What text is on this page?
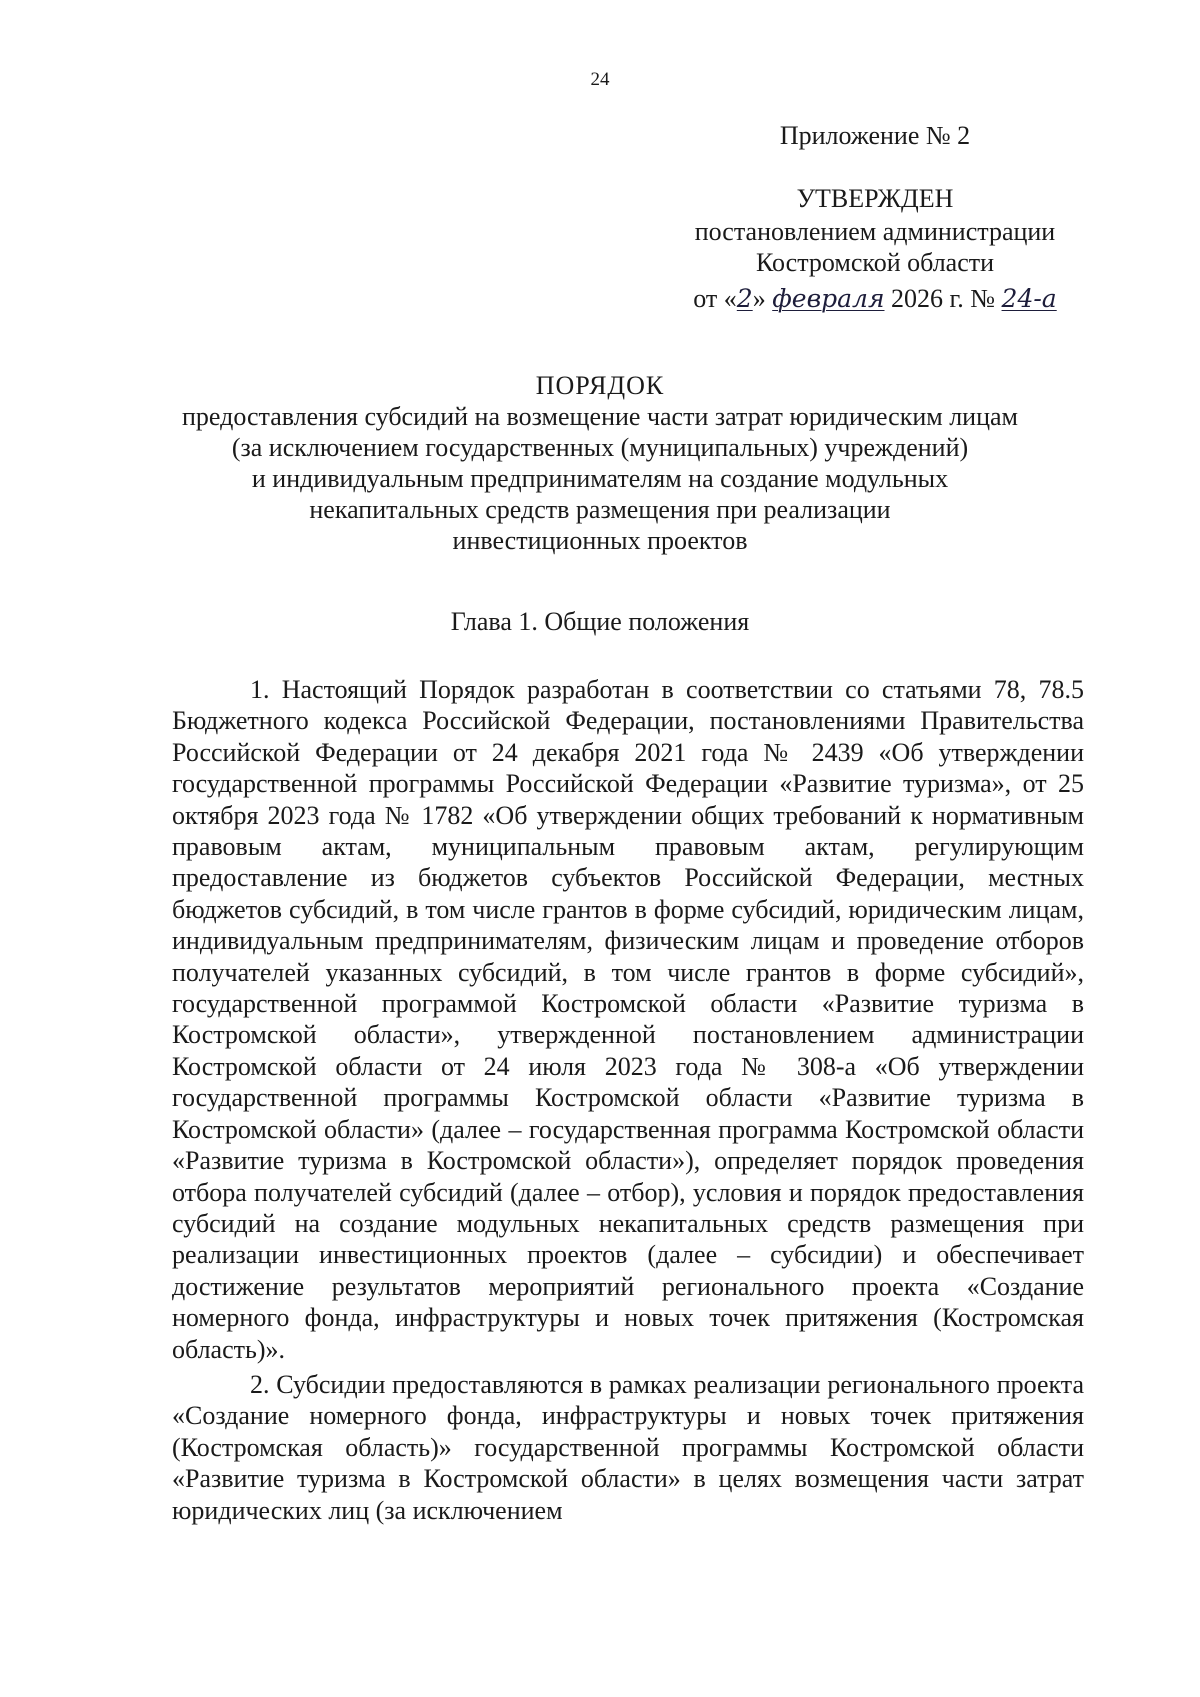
24
Приложение № 2
УТВЕРЖДЕН
постановлением администрации
Костромской области
от «2» февраля 2026 г. № 24-а
ПОРЯДОК
предоставления субсидий на возмещение части затрат юридическим лицам
(за исключением государственных (муниципальных) учреждений)
и индивидуальным предпринимателям на создание модульных
некапитальных средств размещения при реализации
инвестиционных проектов
Глава 1. Общие положения

1. Настоящий Порядок разработан в соответствии со статьями 78, 78.5 Бюджетного кодекса Российской Федерации, постановлениями Правительства Российской Федерации от 24 декабря 2021 года № 2439 «Об утверждении государственной программы Российской Федерации «Развитие туризма», от 25 октября 2023 года № 1782 «Об утверждении общих требований к нормативным правовым актам, муниципальным правовым актам, регулирующим предоставление из бюджетов субъектов Российской Федерации, местных бюджетов субсидий, в том числе грантов в форме субсидий, юридическим лицам, индивидуальным предпринимателям, физическим лицам и проведение отборов получателей указанных субсидий, в том числе грантов в форме субсидий», государственной программой Костромской области «Развитие туризма в Костромской области», утвержденной постановлением администрации Костромской области от 24 июля 2023 года № 308-а «Об утверждении государственной программы Костромской области «Развитие туризма в Костромской области» (далее – государственная программа Костромской области «Развитие туризма в Костромской области»), определяет порядок проведения отбора получателей субсидий (далее – отбор), условия и порядок предоставления субсидий на создание модульных некапитальных средств размещения при реализации инвестиционных проектов (далее – субсидии) и обеспечивает достижение результатов мероприятий регионального проекта «Создание номерного фонда, инфраструктуры и новых точек притяжения (Костромская область)».

2. Субсидии предоставляются в рамках реализации регионального проекта «Создание номерного фонда, инфраструктуры и новых точек притяжения (Костромская область)» государственной программы Костромской области «Развитие туризма в Костромской области» в целях возмещения части затрат юридических лиц (за исключением
